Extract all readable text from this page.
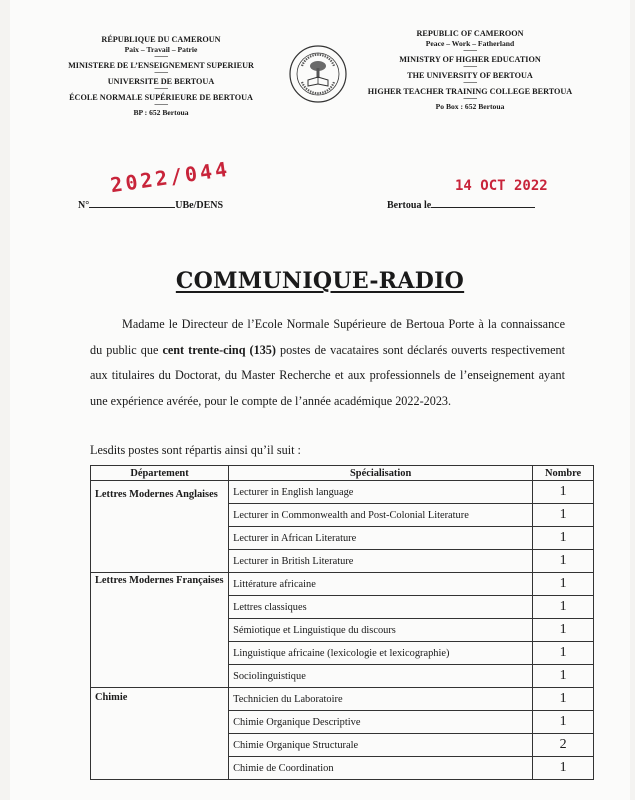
RÉPUBLIQUE DU CAMEROUN
Paix – Travail – Patrie
---------
MINISTERE DE L’ENSEIGNEMENT SUPERIEUR
---------
UNIVERSITE DE BERTOUA
---------
ÉCOLE NORMALE SUPÉRIEURE DE BERTOUA
---------
BP : 652 Bertoua
REPUBLIC OF CAMEROON
Peace – Work – Fatherland
---------
MINISTRY OF HIGHER EDUCATION
---------
THE UNIVERSITY OF BERTOUA
---------
HIGHER TEACHER TRAINING COLLEGE BERTOUA
---------
Po Box : 652 Bertoua
2022/044
N°	UBe/DENS
14 OCT 2022
Bertoua le
COMMUNIQUE-RADIO

Madame le Directeur de l’Ecole Normale Supérieure de Bertoua Porte à la connaissance du public que cent trente-cinq (135) postes de vacataires sont déclarés ouverts respectivement aux titulaires du Doctorat, du Master Recherche et aux professionnels de l’enseignement ayant une expérience avérée, pour le compte de l’année académique 2022-2023.

Lesdits postes sont répartis ainsi qu’il suit :

Département	Spécialisation	Nombre
Lettres Modernes Anglaises	Lecturer in English language	1
	Lecturer in Commonwealth and Post-Colonial Literature	1
	Lecturer in African Literature	1
	Lecturer in British Literature	1
Lettres Modernes Françaises	Littérature africaine	1
	Lettres classiques	1
	Sémiotique et Linguistique du discours	1
	Linguistique africaine (lexicologie et lexicographie)	1
	Sociolinguistique	1
Chimie	Technicien du Laboratoire	1
	Chimie Organique Descriptive	1
	Chimie Organique Structurale	2
	Chimie de Coordination	1
